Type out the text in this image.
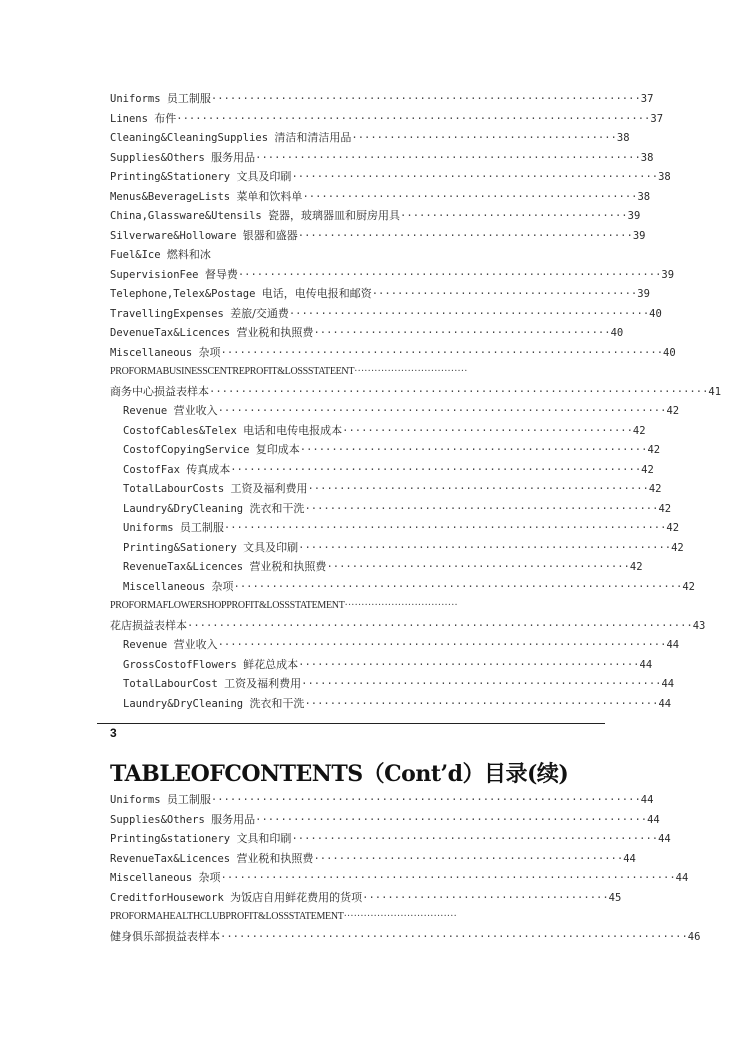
Uniforms 员工制服····································································37
Linens 布件···········································································37
Cleaning&CleaningSupplies 清洁和清洁用品··········································38
Supplies&Others 服务用品·····························································38
Printing&Stationery 文具及印刷··························································38
Menus&BeverageLists 菜单和饮料单·····················································38
China,Glassware&Utensils 瓷器，玻璃器皿和厨房用具····································39
Silverware&Holloware 银器和盛器·····················································39
Fuel&Ice 燃料和冰
SupervisionFee 督导费···································································39
Telephone,Telex&Postage 电话，电传电报和邮资··········································39
TravellingExpenses 差旅/交通费·························································40
DevenueTax&Licences 营业税和执照费···············································40
Miscellaneous 杂项······································································40
PROFORMABUSINESSCENTREPROFIT&LOSSSTATEENT··································
商务中心损益表样本···············································································41
Revenue 营业收入·······································································42
CostofCables&Telex 电话和电传电报成本··············································42
CostofCopyingService 复印成本·······················································42
CostofFax 传真成本·································································42
TotalLabourCosts 工资及福利费用······················································42
Laundry&DryCleaning 洗衣和干洗························································42
Uniforms 员工制服······································································42
Printing&Sationery 文具及印刷···························································42
RevenueTax&Licences 营业税和执照费················································42
Miscellaneous 杂项·······································································42
PROFORMAFLOWERSHOPPROFIT&LOSSSTATEMENT··································
花店损益表样本················································································43
Revenue 营业收入·······································································44
GrossCostofFlowers 鲜花总成本······················································44
TotalLabourCost 工资及福利费用·························································44
Laundry&DryCleaning 洗衣和干洗························································44
3
TABLEOFCONTENTS（Cont’d）目录(续)
Uniforms 员工制服····································································44
Supplies&Others 服务用品······························································44
Printing&stationery 文具和印刷··························································44
RevenueTax&Licences 营业税和执照费·················································44
Miscellaneous 杂项········································································44
CreditforHousework 为饭店自用鲜花费用的货项·······································45
PROFORMAHEALTHCLUBPROFIT&LOSSSTATEMENT··································
健身俱乐部损益表样本··········································································46
